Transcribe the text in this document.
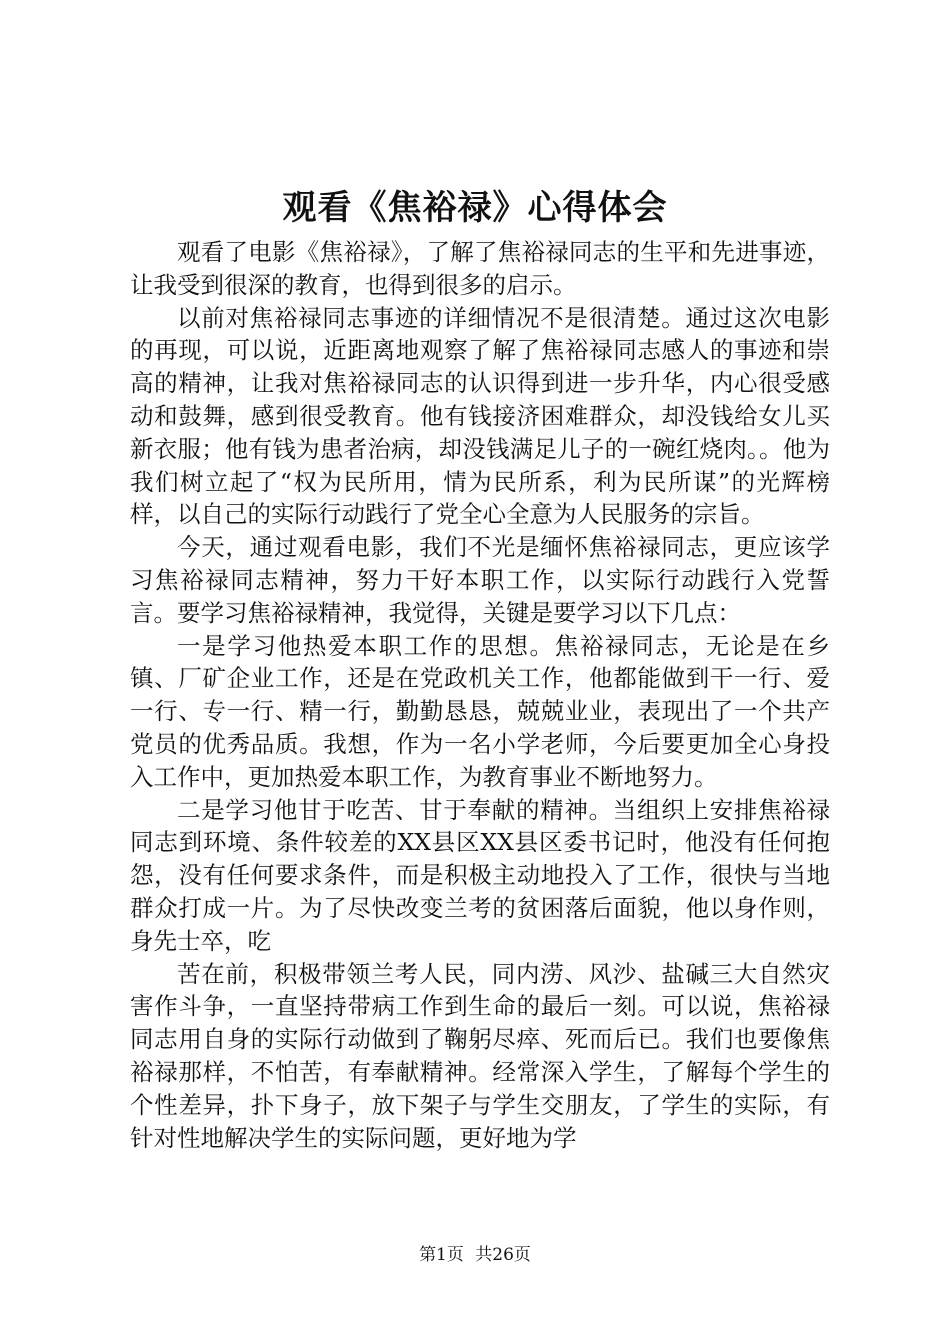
观看《焦裕禄》心得体会

观看了电影《焦裕禄》，了解了焦裕禄同志的生平和先进事迹，让我受到很深的教育，也得到很多的启示。

以前对焦裕禄同志事迹的详细情况不是很清楚。通过这次电影的再现，可以说，近距离地观察了解了焦裕禄同志感人的事迹和崇高的精神，让我对焦裕禄同志的认识得到进一步升华，内心很受感动和鼓舞，感到很受教育。他有钱接济困难群众，却没钱给女儿买新衣服；他有钱为患者治病，却没钱满足儿子的一碗红烧肉。。他为我们树立起了“权为民所用，情为民所系，利为民所谋”的光辉榜样，以自己的实际行动践行了党全心全意为人民服务的宗旨。

今天，通过观看电影，我们不光是缅怀焦裕禄同志，更应该学习焦裕禄同志精神，努力干好本职工作，以实际行动践行入党誓言。要学习焦裕禄精神，我觉得，关键是要学习以下几点：

一是学习他热爱本职工作的思想。焦裕禄同志，无论是在乡镇、厂矿企业工作，还是在党政机关工作，他都能做到干一行、爱一行、专一行、精一行，勤勤恳恳，兢兢业业，表现出了一个共产党员的优秀品质。我想，作为一名小学老师，今后要更加全心身投入工作中，更加热爱本职工作，为教育事业不断地努力。

二是学习他甘于吃苦、甘于奉献的精神。当组织上安排焦裕禄同志到环境、条件较差的XX县区XX县区委书记时，他没有任何抱怨，没有任何要求条件，而是积极主动地投入了工作，很快与当地群众打成一片。为了尽快改变兰考的贫困落后面貌，他以身作则，身先士卒，吃

苦在前，积极带领兰考人民，同内涝、风沙、盐碱三大自然灾害作斗争，一直坚持带病工作到生命的最后一刻。可以说，焦裕禄同志用自身的实际行动做到了鞠躬尽瘁、死而后已。我们也要像焦裕禄那样，不怕苦，有奉献精神。经常深入学生，了解每个学生的个性差异，扑下身子，放下架子与学生交朋友，了学生的实际，有针对性地解决学生的实际问题，更好地为学

第1页 共26页
